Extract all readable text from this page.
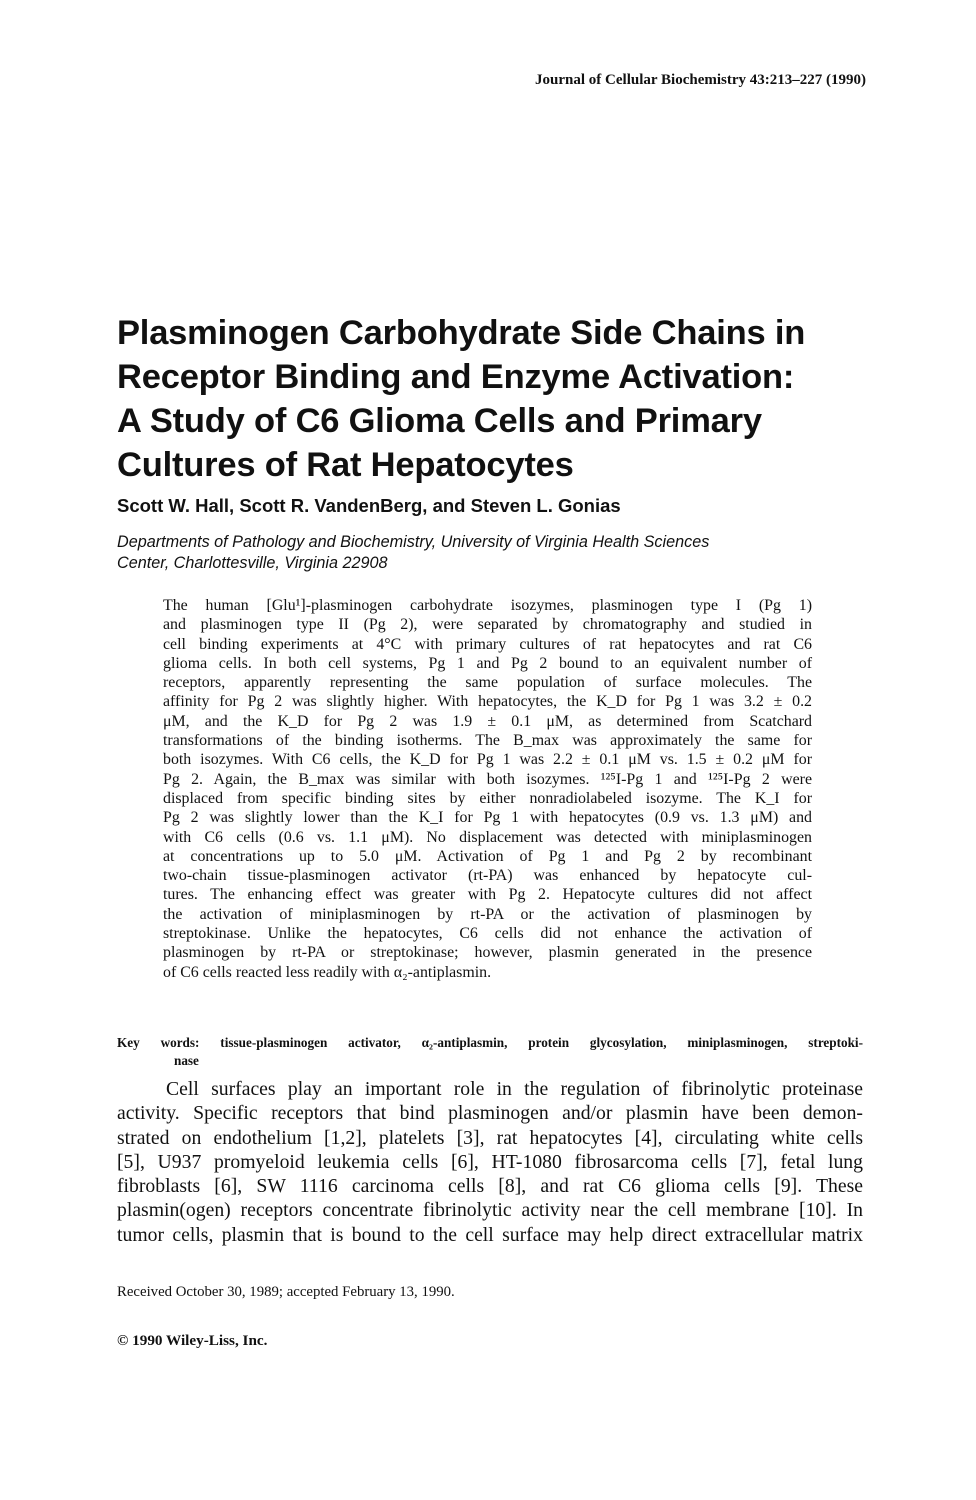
Journal of Cellular Biochemistry 43:213–227 (1990)
Plasminogen Carbohydrate Side Chains in
Receptor Binding and Enzyme Activation:
A Study of C6 Glioma Cells and Primary
Cultures of Rat Hepatocytes
Scott W. Hall, Scott R. VandenBerg, and Steven L. Gonias
Departments of Pathology and Biochemistry, University of Virginia Health Sciences
Center, Charlottesville, Virginia 22908
The human [Glu¹]-plasminogen carbohydrate isozymes, plasminogen type I (Pg 1)
and plasminogen type II (Pg 2), were separated by chromatography and studied in
cell binding experiments at 4°C with primary cultures of rat hepatocytes and rat C6
glioma cells. In both cell systems, Pg 1 and Pg 2 bound to an equivalent number of
receptors, apparently representing the same population of surface molecules. The
affinity for Pg 2 was slightly higher. With hepatocytes, the K_D for Pg 1 was 3.2 ± 0.2
μM, and the K_D for Pg 2 was 1.9 ± 0.1 μM, as determined from Scatchard
transformations of the binding isotherms. The B_max was approximately the same for
both isozymes. With C6 cells, the K_D for Pg 1 was 2.2 ± 0.1 μM vs. 1.5 ± 0.2 μM for
Pg 2. Again, the B_max was similar with both isozymes. ¹²⁵I-Pg 1 and ¹²⁵I-Pg 2 were
displaced from specific binding sites by either nonradiolabeled isozyme. The K_I for
Pg 2 was slightly lower than the K_I for Pg 1 with hepatocytes (0.9 vs. 1.3 μM) and
with C6 cells (0.6 vs. 1.1 μM). No displacement was detected with miniplasminogen
at concentrations up to 5.0 μM. Activation of Pg 1 and Pg 2 by recombinant
two-chain tissue-plasminogen activator (rt-PA) was enhanced by hepatocyte cul-
tures. The enhancing effect was greater with Pg 2. Hepatocyte cultures did not affect
the activation of miniplasminogen by rt-PA or the activation of plasminogen by
streptokinase. Unlike the hepatocytes, C6 cells did not enhance the activation of
plasminogen by rt-PA or streptokinase; however, plasmin generated in the presence
of C6 cells reacted less readily with α₂-antiplasmin.
Key words: tissue-plasminogen activator, α₂-antiplasmin, protein glycosylation, miniplasminogen, streptoki-
nase
Cell surfaces play an important role in the regulation of fibrinolytic proteinase
activity. Specific receptors that bind plasminogen and/or plasmin have been demon-
strated on endothelium [1,2], platelets [3], rat hepatocytes [4], circulating white cells
[5], U937 promyeloid leukemia cells [6], HT-1080 fibrosarcoma cells [7], fetal lung
fibroblasts [6], SW 1116 carcinoma cells [8], and rat C6 glioma cells [9]. These
plasmin(ogen) receptors concentrate fibrinolytic activity near the cell membrane [10]. In
tumor cells, plasmin that is bound to the cell surface may help direct extracellular matrix
Received October 30, 1989; accepted February 13, 1990.
© 1990 Wiley-Liss, Inc.
